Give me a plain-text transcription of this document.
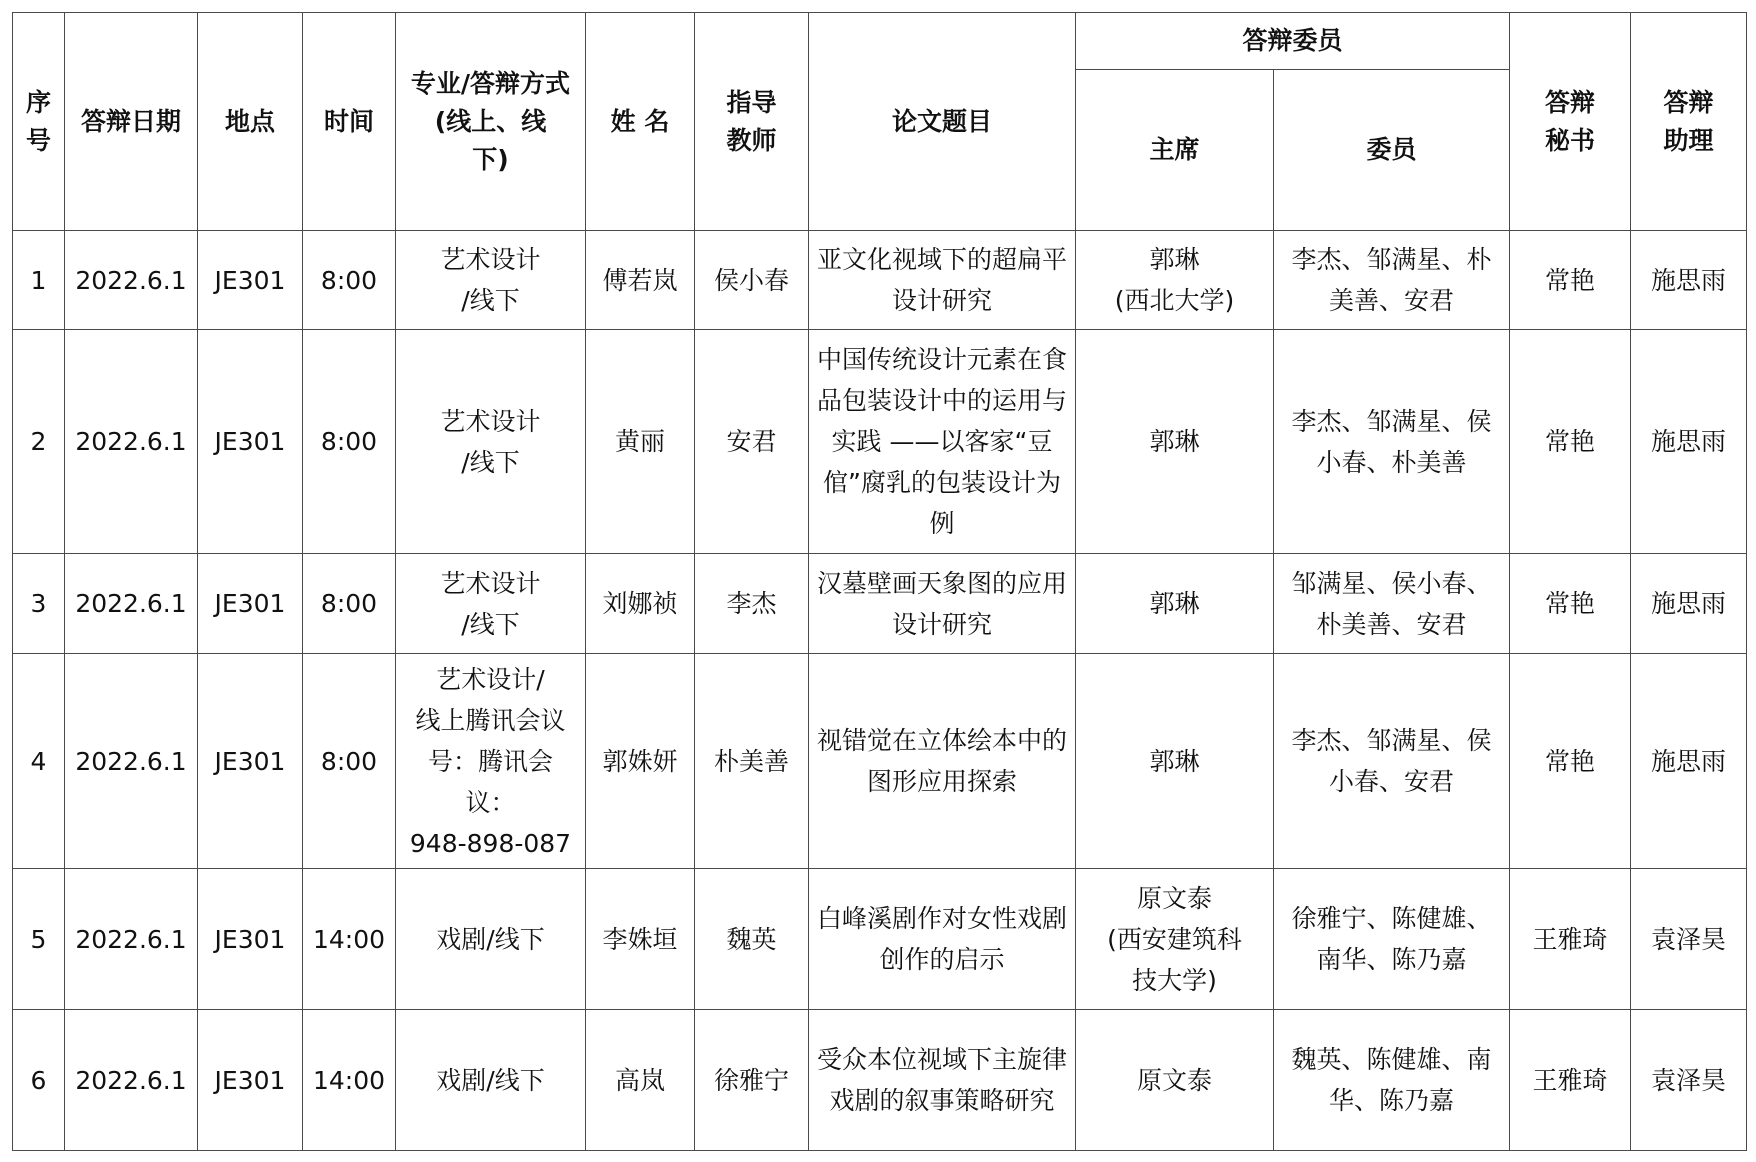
序
号	答辩日期	地点	时间	专业/答辩方式
(线上、线
下)	姓 名	指导
教师	论文题目	答辩委员		答辩
秘书	答辩
助理
								主席	委员		
1	2022.6.1	JE301	8:00	艺术设计
/线下	傅若岚	侯小春	亚文化视域下的超扁平设计研究	郭琳
(西北大学)	李杰、邹满星、朴美善、安君	常艳	施思雨
2	2022.6.1	JE301	8:00	艺术设计
/线下	黄丽	安君	中国传统设计元素在食品包装设计中的运用与实践 ——以客家“豆倌”腐乳的包装设计为例	郭琳	李杰、邹满星、侯小春、朴美善	常艳	施思雨
3	2022.6.1	JE301	8:00	艺术设计
/线下	刘娜祯	李杰	汉墓壁画天象图的应用设计研究	郭琳	邹满星、侯小春、朴美善、安君	常艳	施思雨
4	2022.6.1	JE301	8:00	艺术设计/
线上腾讯会议
号：腾讯会
议：
948-898-087	郭姝妍	朴美善	视错觉在立体绘本中的图形应用探索	郭琳	李杰、邹满星、侯小春、安君	常艳	施思雨
5	2022.6.1	JE301	14:00	戏剧/线下	李姝垣	魏英	白峰溪剧作对女性戏剧创作的启示	原文泰
(西安建筑科
技大学)	徐雅宁、陈健雄、南华、陈乃嘉	王雅琦	袁泽昊
6	2022.6.1	JE301	14:00	戏剧/线下	高岚	徐雅宁	受众本位视域下主旋律戏剧的叙事策略研究	原文泰	魏英、陈健雄、南华、陈乃嘉	王雅琦	袁泽昊
